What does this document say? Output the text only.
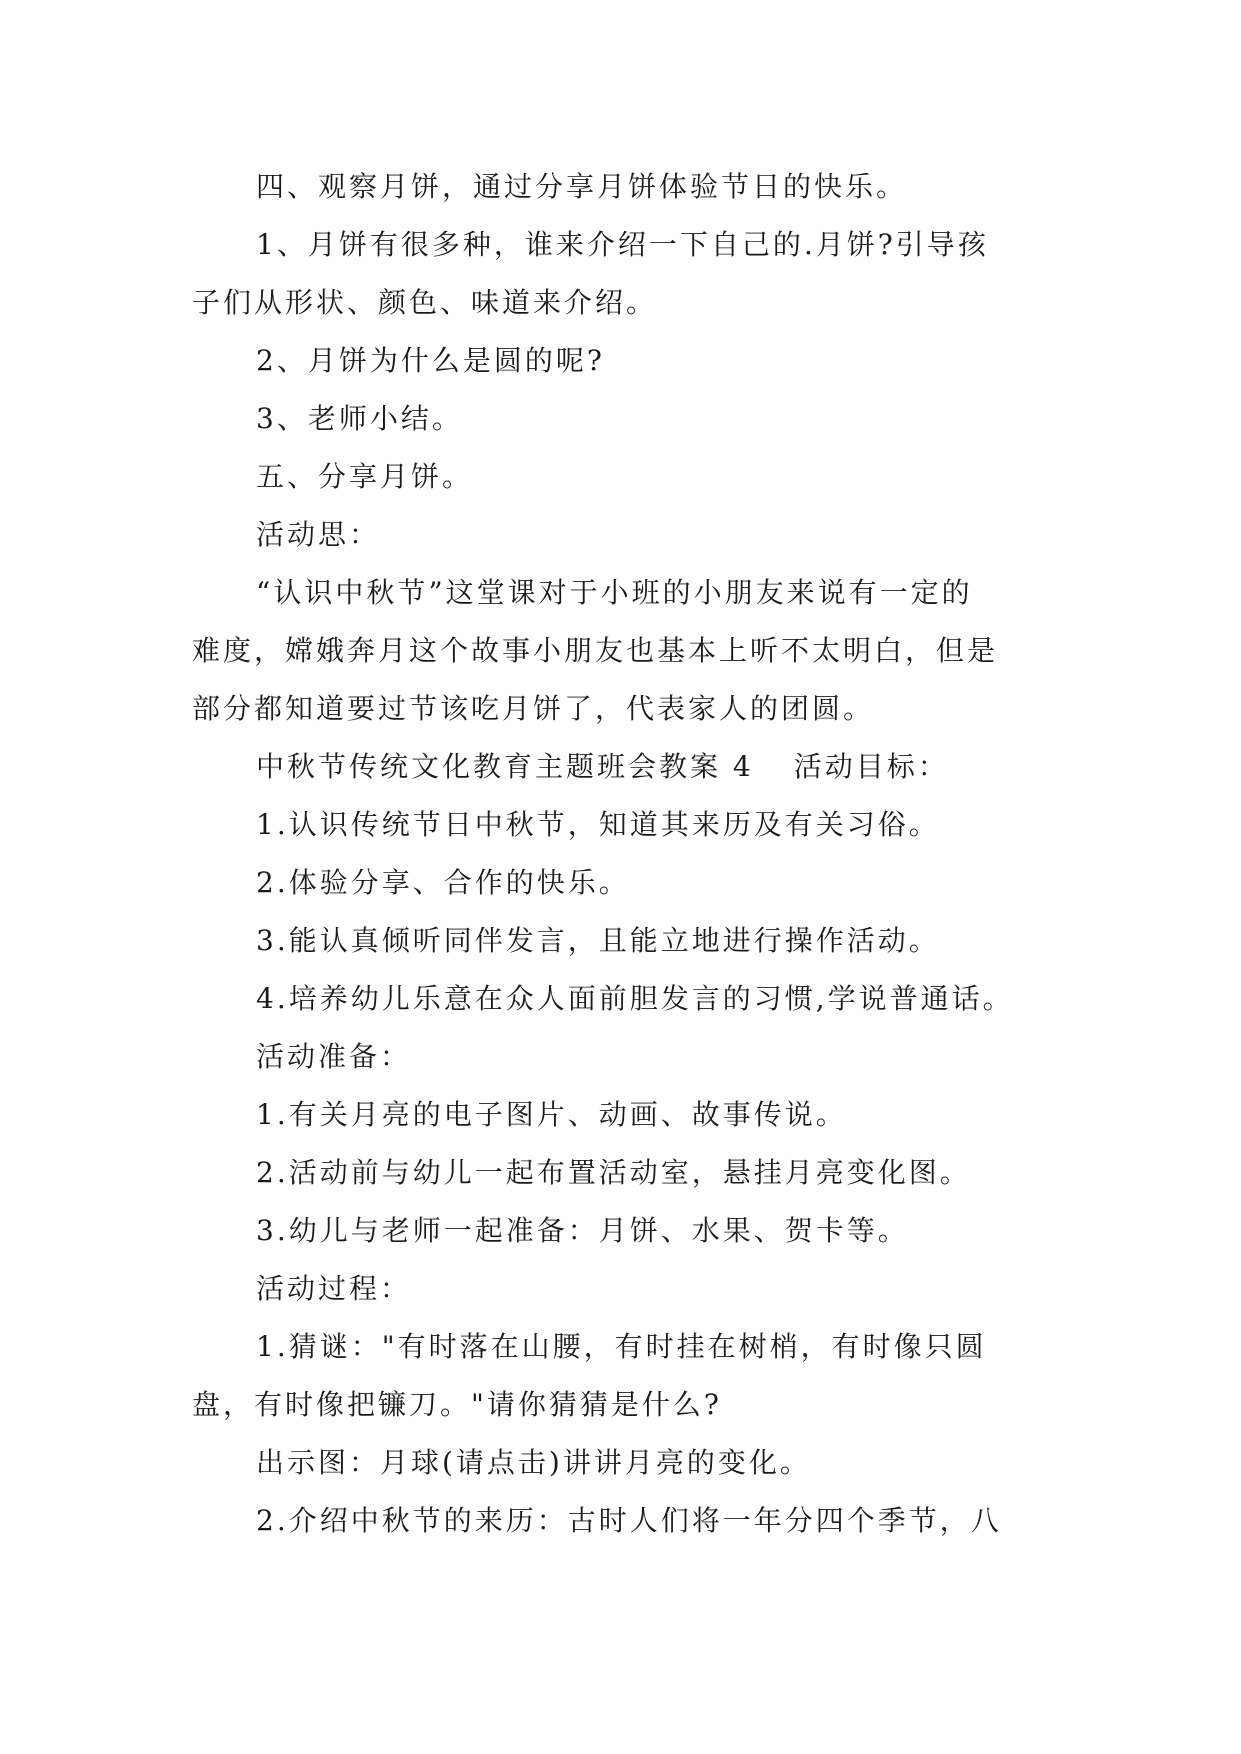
四、观察月饼，通过分享月饼体验节日的快乐。
1、月饼有很多种，谁来介绍一下自己的.月饼?引导孩
子们从形状、颜色、味道来介绍。
2、月饼为什么是圆的呢?
3、老师小结。
五、分享月饼。
活动思：
“认识中秋节”这堂课对于小班的小朋友来说有一定的
难度，嫦娥奔月这个故事小朋友也基本上听不太明白，但是
部分都知道要过节该吃月饼了，代表家人的团圆。
中秋节传统文化教育主题班会教案 4 活动目标：
1.认识传统节日中秋节，知道其来历及有关习俗。
2.体验分享、合作的快乐。
3.能认真倾听同伴发言，且能立地进行操作活动。
4.培养幼儿乐意在众人面前胆发言的习惯,学说普通话。
活动准备：
1.有关月亮的电子图片、动画、故事传说。
2.活动前与幼儿一起布置活动室，悬挂月亮变化图。
3.幼儿与老师一起准备：月饼、水果、贺卡等。
活动过程：
1.猜谜："有时落在山腰，有时挂在树梢，有时像只圆
盘，有时像把镰刀。"请你猜猜是什么?
出示图：月球(请点击)讲讲月亮的变化。
2.介绍中秋节的来历：古时人们将一年分四个季节，八
